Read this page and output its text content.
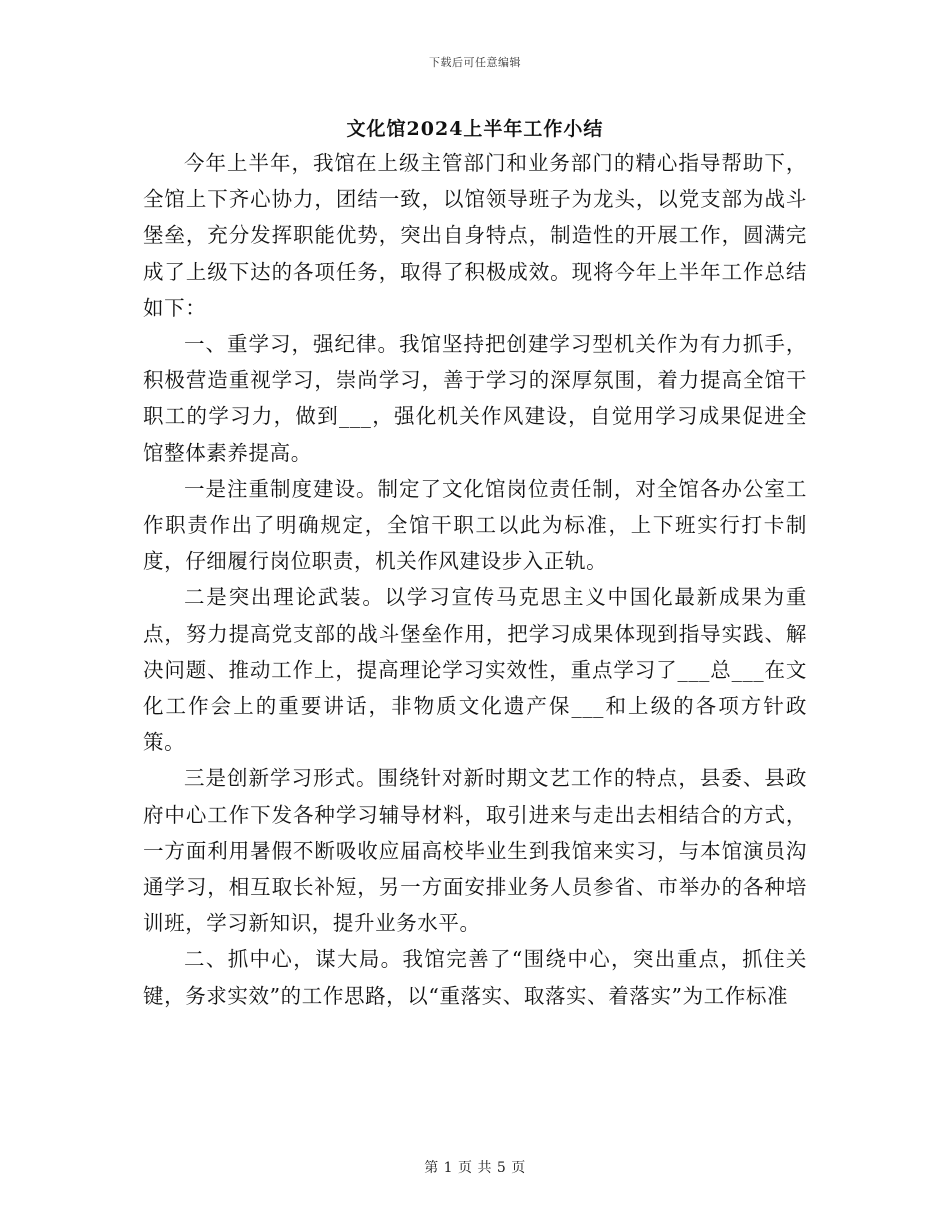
下载后可任意编辑
文化馆2024上半年工作小结

今年上半年，我馆在上级主管部门和业务部门的精心指导帮助下，全馆上下齐心协力，团结一致，以馆领导班子为龙头，以党支部为战斗堡垒，充分发挥职能优势，突出自身特点，制造性的开展工作，圆满完成了上级下达的各项任务，取得了积极成效。现将今年上半年工作总结如下：

一、重学习，强纪律。我馆坚持把创建学习型机关作为有力抓手，积极营造重视学习，崇尚学习，善于学习的深厚氛围，着力提高全馆干职工的学习力，做到___，强化机关作风建设，自觉用学习成果促进全馆整体素养提高。

一是注重制度建设。制定了文化馆岗位责任制，对全馆各办公室工作职责作出了明确规定，全馆干职工以此为标准，上下班实行打卡制度，仔细履行岗位职责，机关作风建设步入正轨。

二是突出理论武装。以学习宣传马克思主义中国化最新成果为重点，努力提高党支部的战斗堡垒作用，把学习成果体现到指导实践、解决问题、推动工作上，提高理论学习实效性，重点学习了___总___在文化工作会上的重要讲话，非物质文化遗产保___和上级的各项方针政策。

三是创新学习形式。围绕针对新时期文艺工作的特点，县委、县政府中心工作下发各种学习辅导材料，取引进来与走出去相结合的方式，一方面利用暑假不断吸收应届高校毕业生到我馆来实习，与本馆演员沟通学习，相互取长补短，另一方面安排业务人员参省、市举办的各种培训班，学习新知识，提升业务水平。

二、抓中心，谋大局。我馆完善了“围绕中心，突出重点，抓住关键，务求实效”的工作思路，以“重落实、取落实、着落实”为工作标准

第 1 页 共 5 页
